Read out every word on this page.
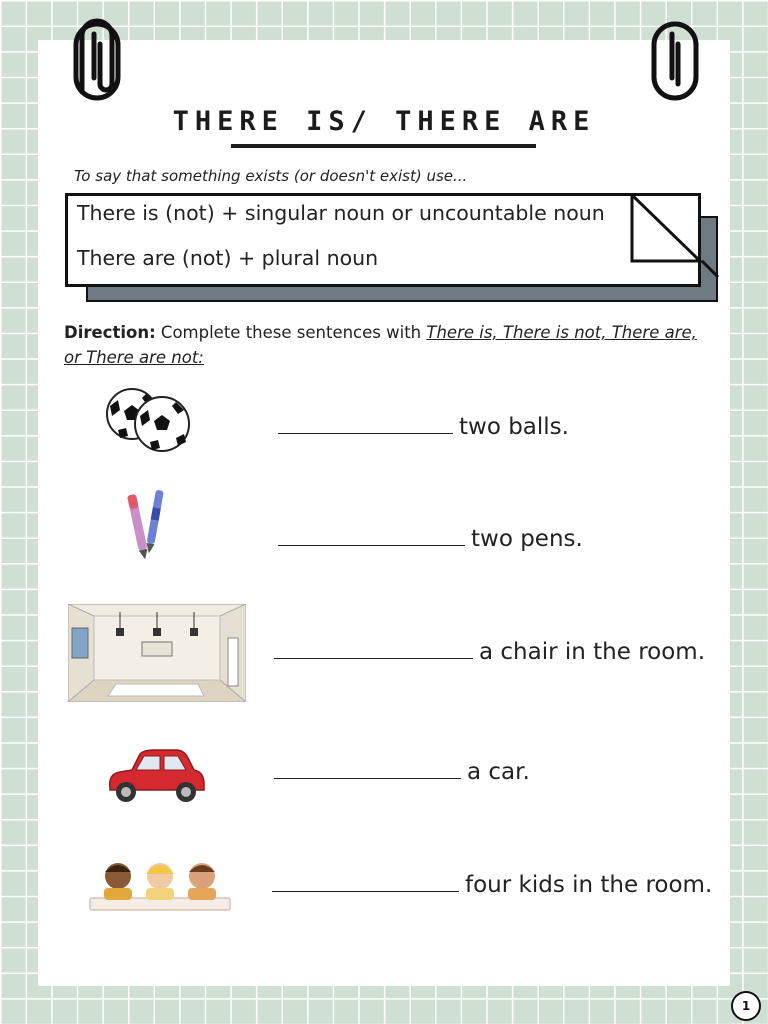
THERE IS/ THERE ARE
To say that something exists (or doesn't exist) use...
There is (not) + singular noun or uncountable noun
There are (not) + plural noun
Direction: Complete these sentences with There is, There is not, There are, or There are not:
two balls.
two pens.
a chair in the room.
a car.
four kids in the room.
1
